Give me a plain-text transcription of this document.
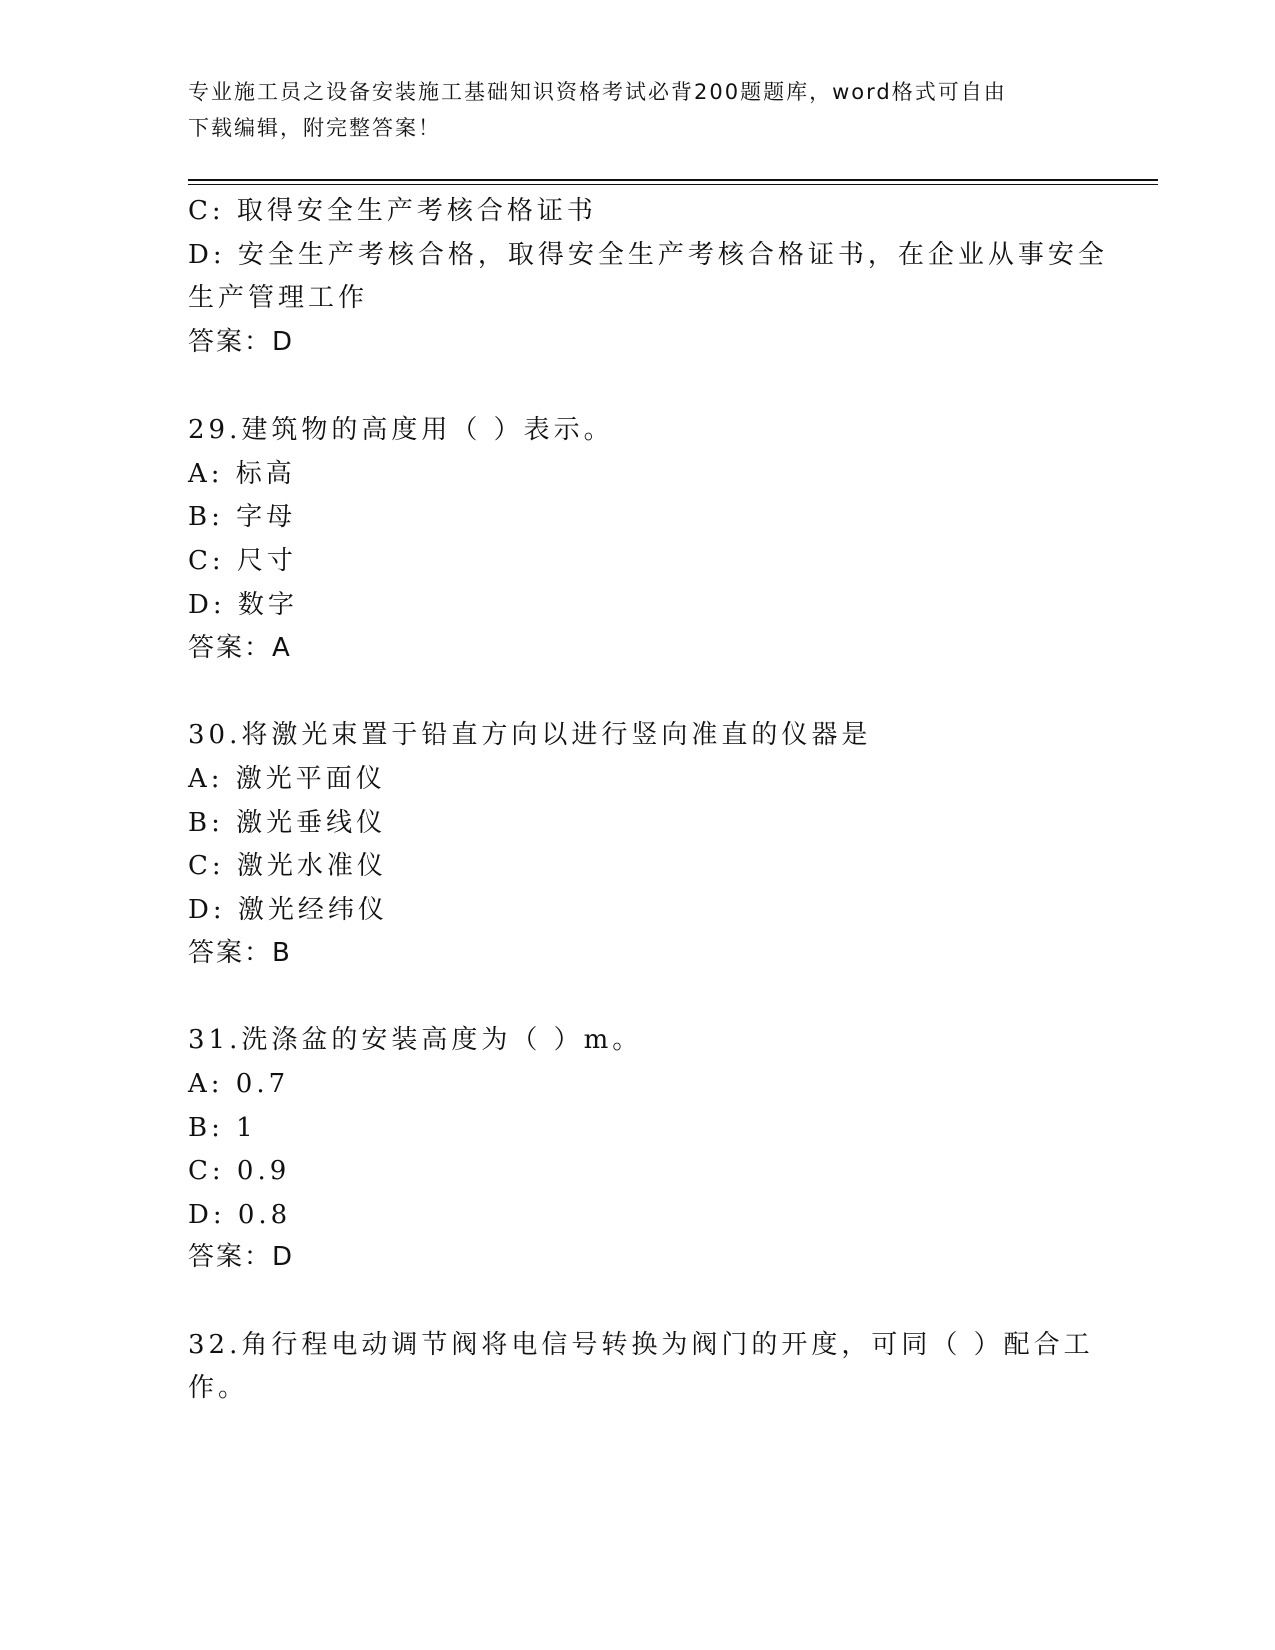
专业施工员之设备安装施工基础知识资格考试必背200题题库，word格式可自由
下载编辑，附完整答案！
C: 取得安全生产考核合格证书
D: 安全生产考核合格，取得安全生产考核合格证书，在企业从事安全
生产管理工作
答案：D
29.建筑物的高度用（ ）表示。
A: 标高
B: 字母
C: 尺寸
D: 数字
答案：A
30.将激光束置于铅直方向以进行竖向准直的仪器是
A: 激光平面仪
B: 激光垂线仪
C: 激光水准仪
D: 激光经纬仪
答案：B
31.洗涤盆的安装高度为（ ）m。
A: 0.7
B: 1
C: 0.9
D: 0.8
答案：D
32.角行程电动调节阀将电信号转换为阀门的开度，可同（ ）配合工
作。
